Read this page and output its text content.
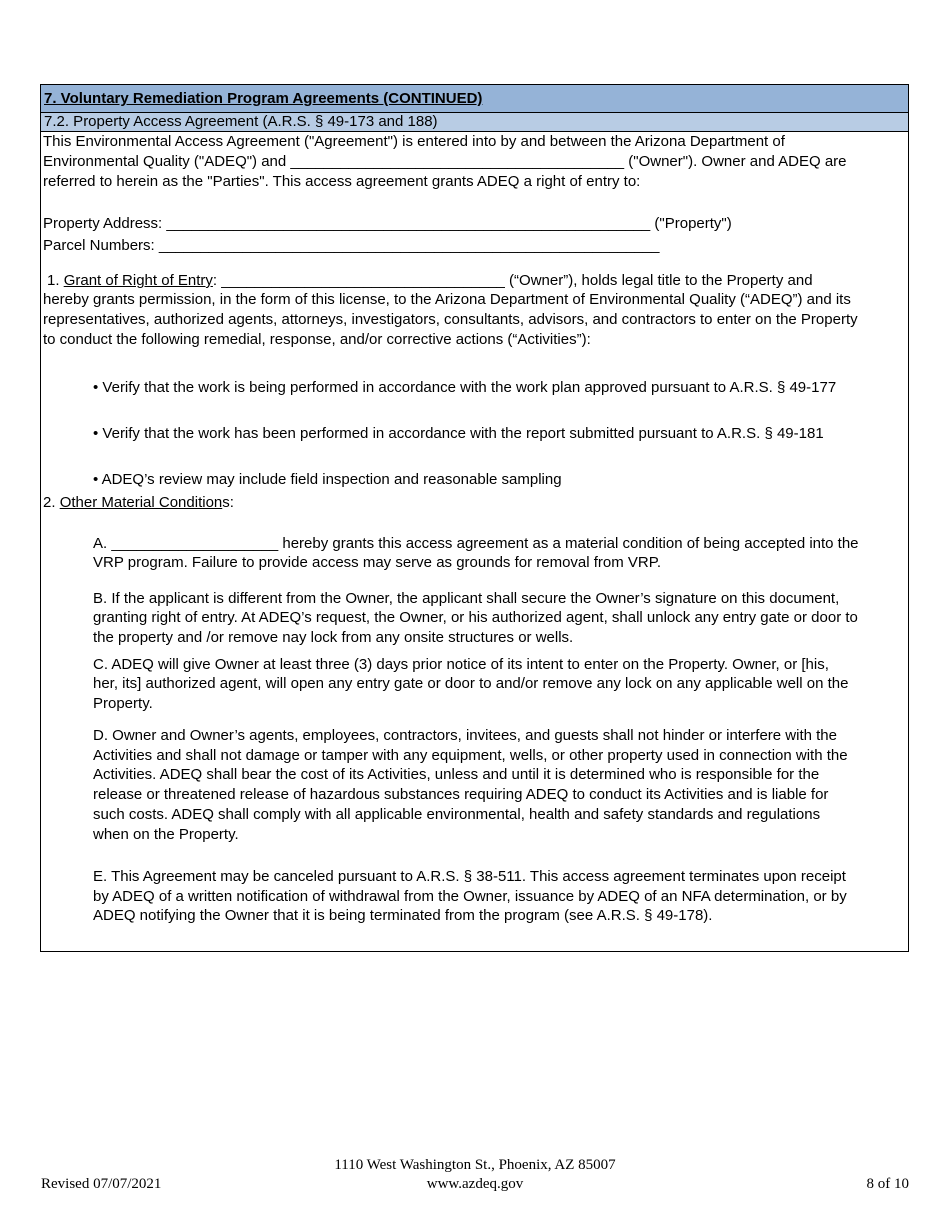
7. Voluntary Remediation Program Agreements (CONTINUED)
7.2. Property Access Agreement (A.R.S. § 49-173 and 188)
This Environmental Access Agreement ("Agreement") is entered into by and between the Arizona Department of
Environmental Quality ("ADEQ") and ________________________________________ ("Owner"). Owner and ADEQ are
referred to herein as the "Parties". This access agreement grants ADEQ a right of entry to:
Property Address: __________________________________________________________ ("Property")
Parcel Numbers: ____________________________________________________________
1. Grant of Right of Entry: __________________________________ (“Owner”), holds legal title to the Property and
hereby grants permission, in the form of this license, to the Arizona Department of Environmental Quality (“ADEQ”) and its
representatives, authorized agents, attorneys, investigators, consultants, advisors, and contractors to enter on the Property
to conduct the following remedial, response, and/or corrective actions (“Activities”):
• Verify that the work is being performed in accordance with the work plan approved pursuant to A.R.S. § 49-177
• Verify that the work has been performed in accordance with the report submitted pursuant to A.R.S. § 49-181
• ADEQ’s review may include field inspection and reasonable sampling
2. Other Material Conditions:
A. ____________________ hereby grants this access agreement as a material condition of being accepted into the
VRP program. Failure to provide access may serve as grounds for removal from VRP.
B. If the applicant is different from the Owner, the applicant shall secure the Owner’s signature on this document,
granting right of entry. At ADEQ’s request, the Owner, or his authorized agent, shall unlock any entry gate or door to
the property and /or remove nay lock from any onsite structures or wells.
C. ADEQ will give Owner at least three (3) days prior notice of its intent to enter on the Property. Owner, or [his,
her, its] authorized agent, will open any entry gate or door to and/or remove any lock on any applicable well on the
Property.
D. Owner and Owner’s agents, employees, contractors, invitees, and guests shall not hinder or interfere with the
Activities and shall not damage or tamper with any equipment, wells, or other property used in connection with the
Activities. ADEQ shall bear the cost of its Activities, unless and until it is determined who is responsible for the
release or threatened release of hazardous substances requiring ADEQ to conduct its Activities and is liable for
such costs. ADEQ shall comply with all applicable environmental, health and safety standards and regulations
when on the Property.
E. This Agreement may be canceled pursuant to A.R.S. § 38-511. This access agreement terminates upon receipt
by ADEQ of a written notification of withdrawal from the Owner, issuance by ADEQ of an NFA determination, or by
ADEQ notifying the Owner that it is being terminated from the program (see A.R.S. § 49-178).
Revised 07/07/2021
1110 West Washington St., Phoenix, AZ 85007
www.azdeq.gov	8 of 10
